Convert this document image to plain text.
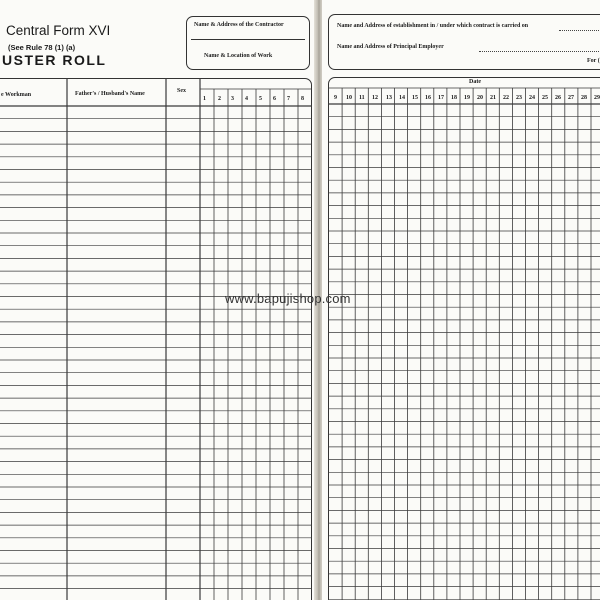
Central Form XVI
(See Rule 78 (1) (a)
USTER ROLL
Name & Address of the Contractor
Name & Location of Work
e Workman	Father's / Husband's Name	Sex
1 2 3 4 5 6 7 8
Name and Address of establishment in / under which contract is carried on
Name and Address of Principal Employer
For (
Date
9 10 11 12 13 14 15 16 17 18 19 20 21 22 23 24 25 26 27 28 29
www.bapujishop.com
